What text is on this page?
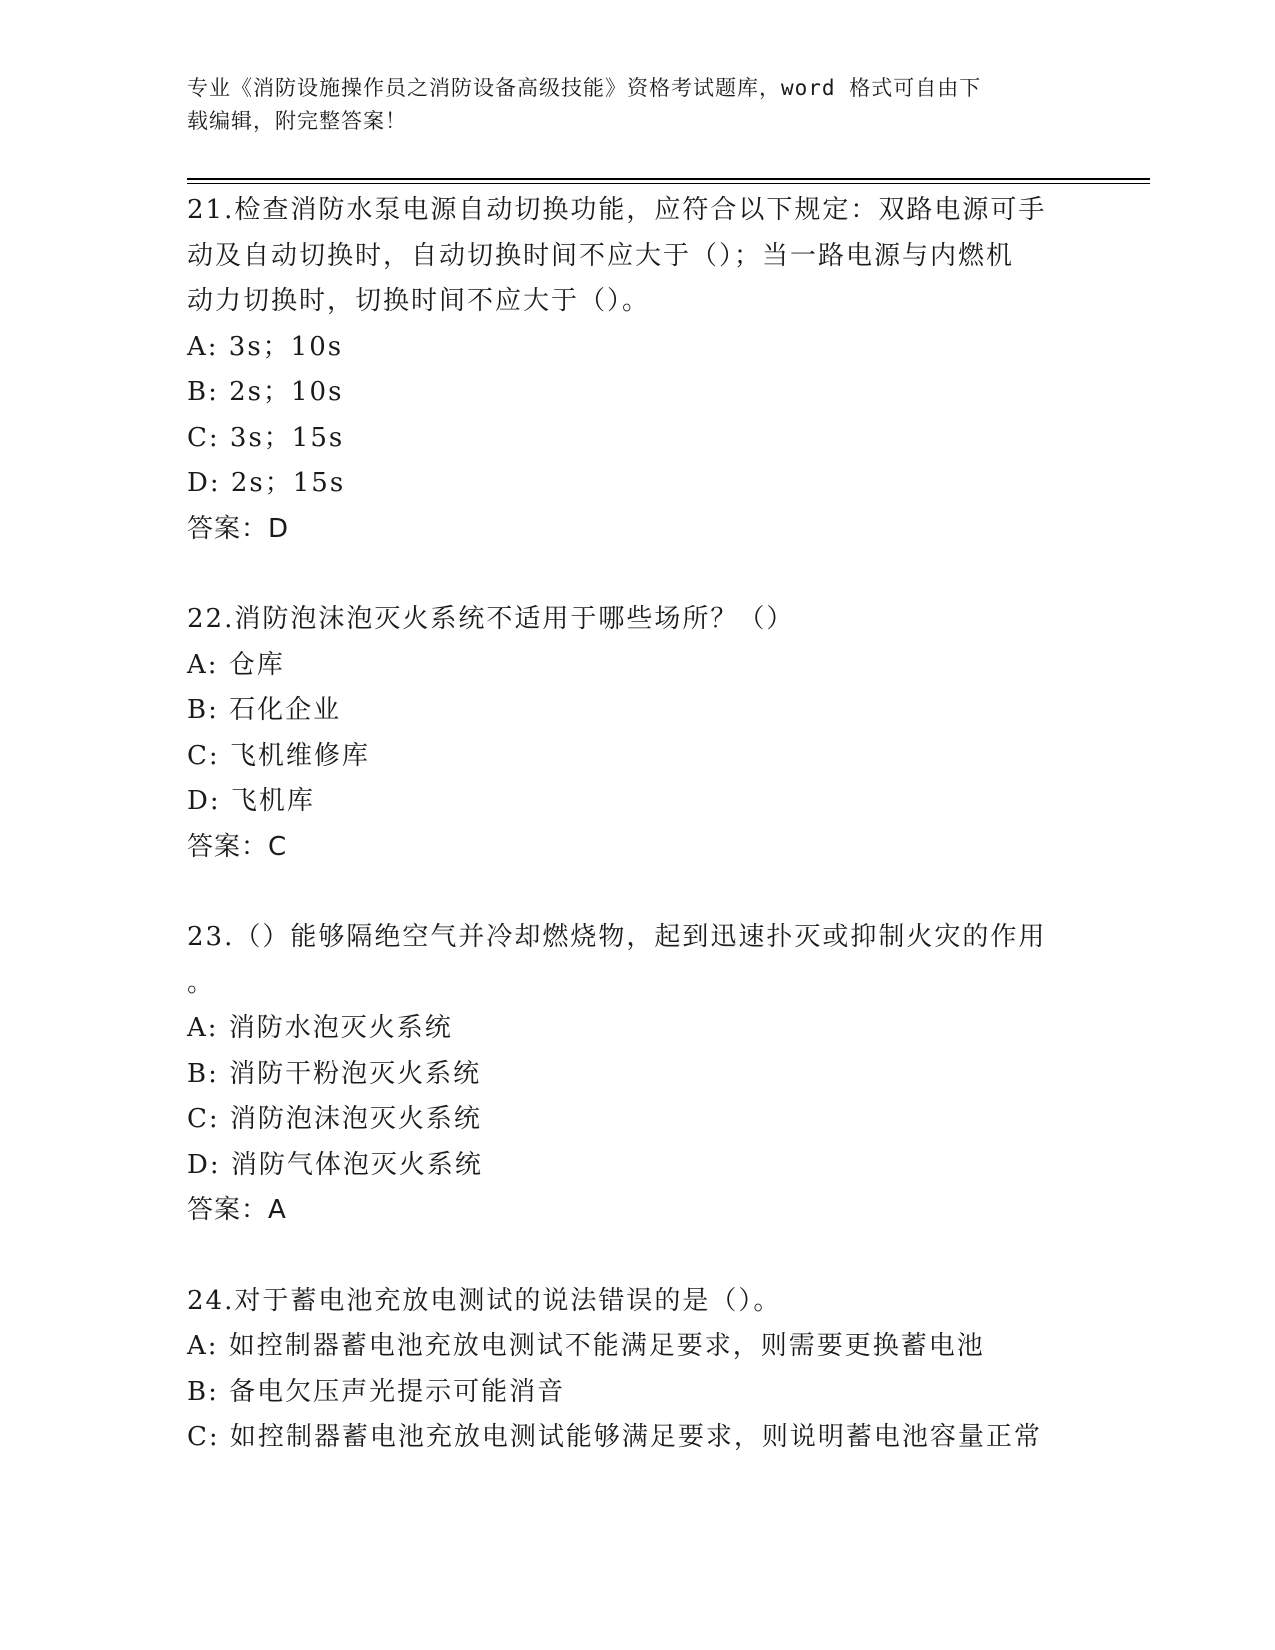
专业《消防设施操作员之消防设备高级技能》资格考试题库，word 格式可自由下
载编辑，附完整答案！
21.检查消防水泵电源自动切换功能，应符合以下规定：双路电源可手
动及自动切换时，自动切换时间不应大于（）；当一路电源与内燃机
动力切换时，切换时间不应大于（）。
A: 3s；10s
B: 2s；10s
C: 3s；15s
D: 2s；15s
答案：D
22.消防泡沫泡灭火系统不适用于哪些场所？（）
A: 仓库
B: 石化企业
C: 飞机维修库
D: 飞机库
答案：C
23.（）能够隔绝空气并冷却燃烧物，起到迅速扑灭或抑制火灾的作用
。
A: 消防水泡灭火系统
B: 消防干粉泡灭火系统
C: 消防泡沫泡灭火系统
D: 消防气体泡灭火系统
答案：A
24.对于蓄电池充放电测试的说法错误的是（）。
A: 如控制器蓄电池充放电测试不能满足要求，则需要更换蓄电池
B: 备电欠压声光提示可能消音
C: 如控制器蓄电池充放电测试能够满足要求，则说明蓄电池容量正常
